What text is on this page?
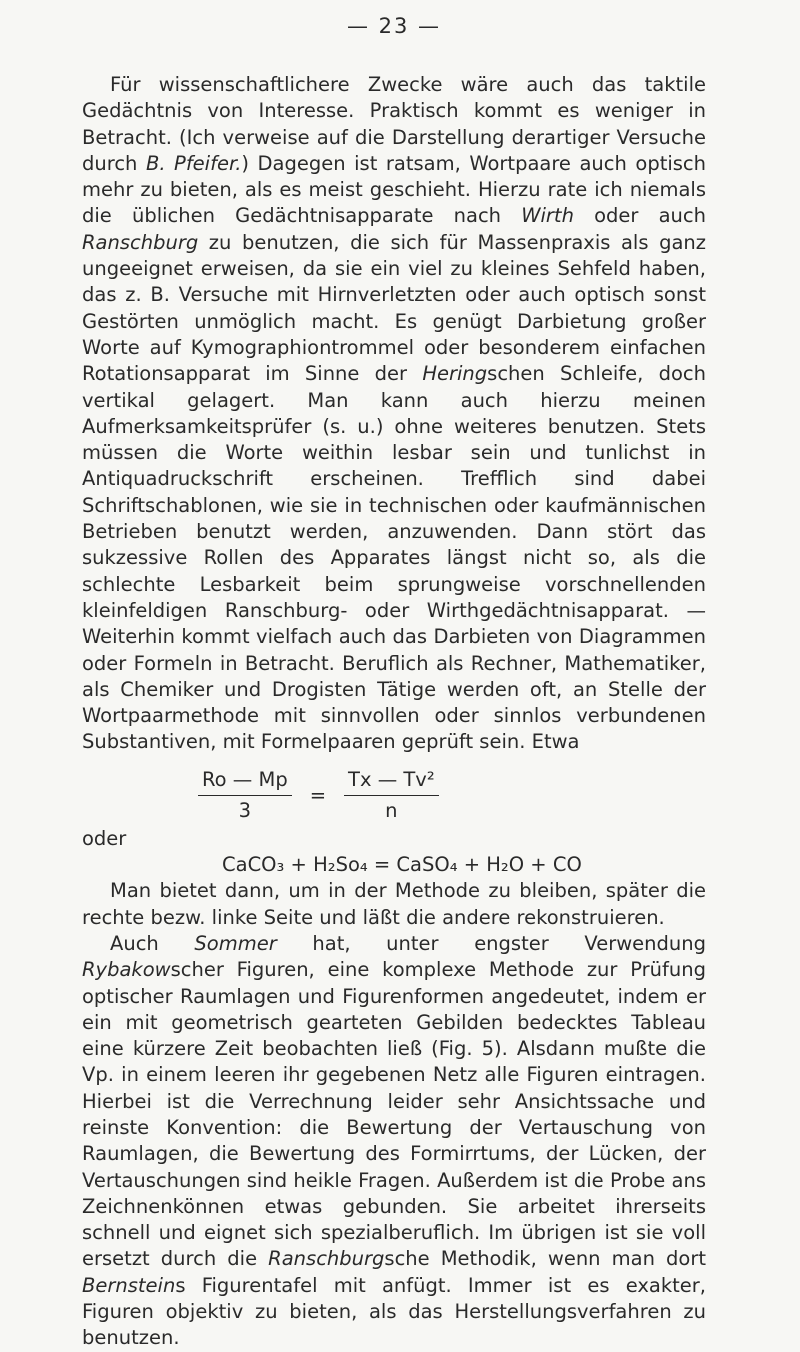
— 23 —

Für wissenschaftlichere Zwecke wäre auch das taktile Gedächtnis von Interesse. Praktisch kommt es weniger in Betracht. (Ich verweise auf die Darstellung derartiger Versuche durch B. Pfeifer.) Dagegen ist ratsam, Wortpaare auch optisch mehr zu bieten, als es meist geschieht. Hierzu rate ich niemals die üblichen Gedächtnisapparate nach Wirth oder auch Ranschburg zu benutzen, die sich für Massenpraxis als ganz ungeeignet erweisen, da sie ein viel zu kleines Sehfeld haben, das z. B. Versuche mit Hirnverletzten oder auch optisch sonst Gestörten unmöglich macht. Es genügt Darbietung großer Worte auf Kymographiontrommel oder besonderem einfachen Rotationsapparat im Sinne der Heringschen Schleife, doch vertikal gelagert. Man kann auch hierzu meinen Aufmerksamkeitsprüfer (s. u.) ohne weiteres benutzen. Stets müssen die Worte weithin lesbar sein und tunlichst in Antiquadruckschrift erscheinen. Trefflich sind dabei Schriftschablonen, wie sie in technischen oder kaufmännischen Betrieben benutzt werden, anzuwenden. Dann stört das sukzessive Rollen des Apparates längst nicht so, als die schlechte Lesbarkeit beim sprungweise vorschnellenden kleinfeldigen Ranschburg- oder Wirthgedächtnisapparat. — Weiterhin kommt vielfach auch das Darbieten von Diagrammen oder Formeln in Betracht. Beruflich als Rechner, Mathematiker, als Chemiker und Drogisten Tätige werden oft, an Stelle der Wortpaarmethode mit sinnvollen oder sinnlos verbundenen Substantiven, mit Formelpaaren geprüft sein. Etwa

$\frac{Ro — Mp}{3} = \frac{\text{Tx — Tv²}}{n}$

oder

CaCO₃ + H₂So₄ = CaSO₄ + H₂O + CO

Man bietet dann, um in der Methode zu bleiben, später die rechte bezw. linke Seite und läßt die andere rekonstruieren.

Auch Sommer hat, unter engster Verwendung Rybakowscher Figuren, eine komplexe Methode zur Prüfung optischer Raumlagen und Figurenformen angedeutet, indem er ein mit geometrisch gearteten Gebilden bedecktes Tableau eine kürzere Zeit beobachten ließ (Fig. 5). Alsdann mußte die Vp. in einem leeren ihr gegebenen Netz alle Figuren eintragen. Hierbei ist die Verrechnung leider sehr Ansichtssache und reinste Konvention: die Bewertung der Vertauschung von Raumlagen, die Bewertung des Formirrtums, der Lücken, der Vertauschungen sind heikle Fragen. Außerdem ist die Probe ans Zeichnenkönnen etwas gebunden. Sie arbeitet ihrerseits schnell und eignet sich spezialberuflich. Im übrigen ist sie voll ersetzt durch die Ranschburgsche Methodik, wenn man dort Bernsteins Figurentafel mit anfügt. Immer ist es exakter, Figuren objektiv zu bieten, als das Herstellungsverfahren zu benutzen.
